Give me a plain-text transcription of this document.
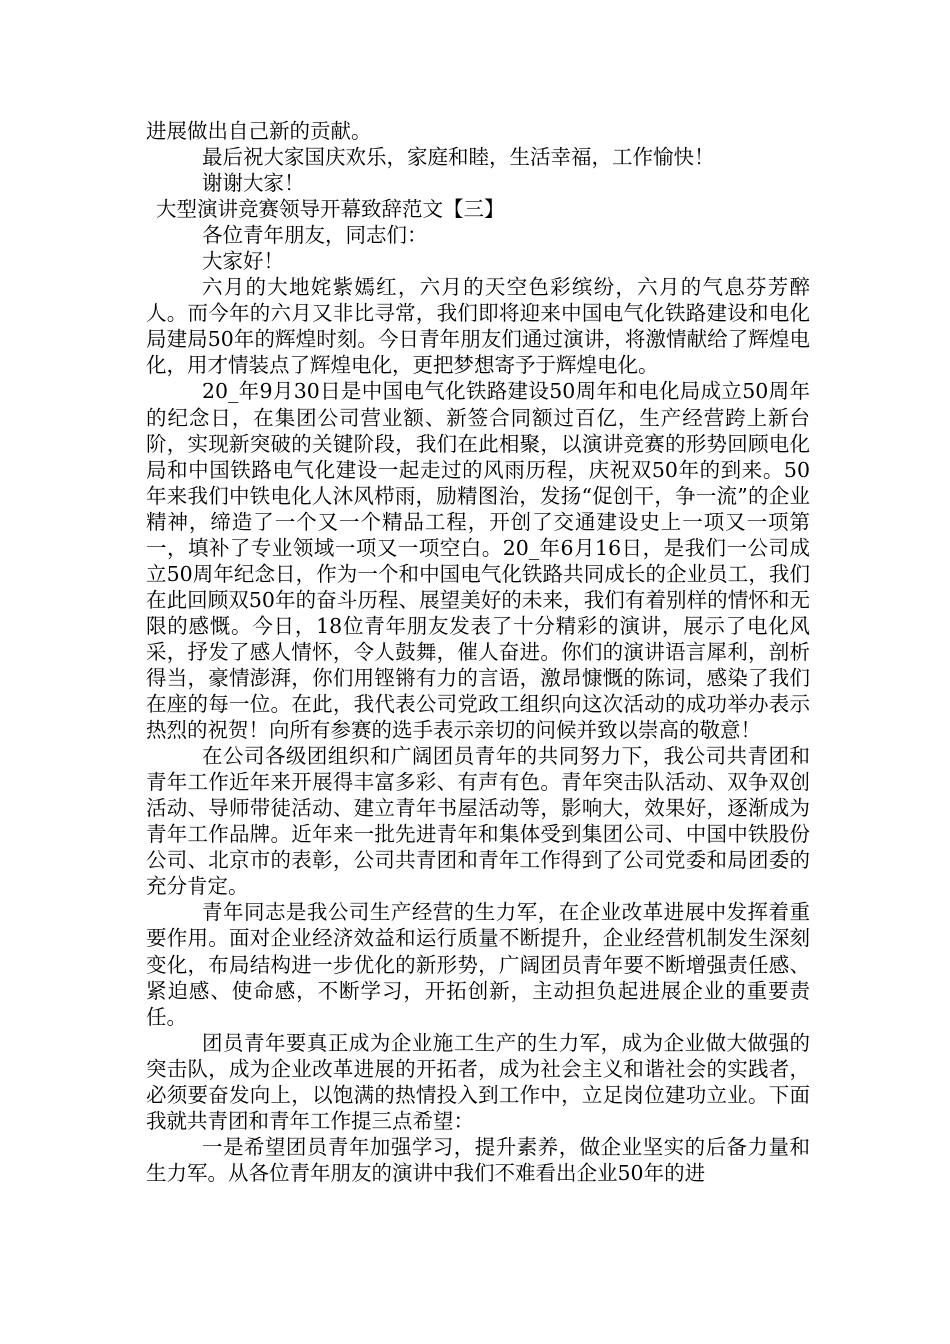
进展做出自己新的贡献。

最后祝大家国庆欢乐，家庭和睦，生活幸福，工作愉快！

谢谢大家！

大型演讲竞赛领导开幕致辞范文【三】

各位青年朋友，同志们：

大家好！

六月的大地姹紫嫣红，六月的天空色彩缤纷，六月的气息芬芳醉人。而今年的六月又非比寻常，我们即将迎来中国电气化铁路建设和电化局建局50年的辉煌时刻。今日青年朋友们通过演讲，将激情献给了辉煌电化，用才情装点了辉煌电化，更把梦想寄予于辉煌电化。

20_年9月30日是中国电气化铁路建设50周年和电化局成立50周年的纪念日，在集团公司营业额、新签合同额过百亿，生产经营跨上新台阶，实现新突破的关键阶段，我们在此相聚，以演讲竞赛的形势回顾电化局和中国铁路电气化建设一起走过的风雨历程，庆祝双50年的到来。50年来我们中铁电化人沐风栉雨，励精图治，发扬“促创干，争一流”的企业精神，缔造了一个又一个精品工程，开创了交通建设史上一项又一项第一，填补了专业领域一项又一项空白。20_年6月16日，是我们一公司成立50周年纪念日，作为一个和中国电气化铁路共同成长的企业员工，我们在此回顾双50年的奋斗历程、展望美好的未来，我们有着别样的情怀和无限的感慨。今日，18位青年朋友发表了十分精彩的演讲，展示了电化风采，抒发了感人情怀，令人鼓舞，催人奋进。你们的演讲语言犀利，剖析得当，豪情澎湃，你们用铿锵有力的言语，激昂慷慨的陈词，感染了我们在座的每一位。在此，我代表公司党政工组织向这次活动的成功举办表示热烈的祝贺！向所有参赛的选手表示亲切的问候并致以崇高的敬意！

在公司各级团组织和广阔团员青年的共同努力下，我公司共青团和青年工作近年来开展得丰富多彩、有声有色。青年突击队活动、双争双创活动、导师带徒活动、建立青年书屋活动等，影响大，效果好，逐渐成为青年工作品牌。近年来一批先进青年和集体受到集团公司、中国中铁股份公司、北京市的表彰，公司共青团和青年工作得到了公司党委和局团委的充分肯定。

青年同志是我公司生产经营的生力军，在企业改革进展中发挥着重要作用。面对企业经济效益和运行质量不断提升，企业经营机制发生深刻变化，布局结构进一步优化的新形势，广阔团员青年要不断增强责任感、紧迫感、使命感，不断学习，开拓创新，主动担负起进展企业的重要责任。

团员青年要真正成为企业施工生产的生力军，成为企业做大做强的突击队，成为企业改革进展的开拓者，成为社会主义和谐社会的实践者，必须要奋发向上，以饱满的热情投入到工作中，立足岗位建功立业。下面我就共青团和青年工作提三点希望：

一是希望团员青年加强学习，提升素养，做企业坚实的后备力量和生力军。从各位青年朋友的演讲中我们不难看出企业50年的进
